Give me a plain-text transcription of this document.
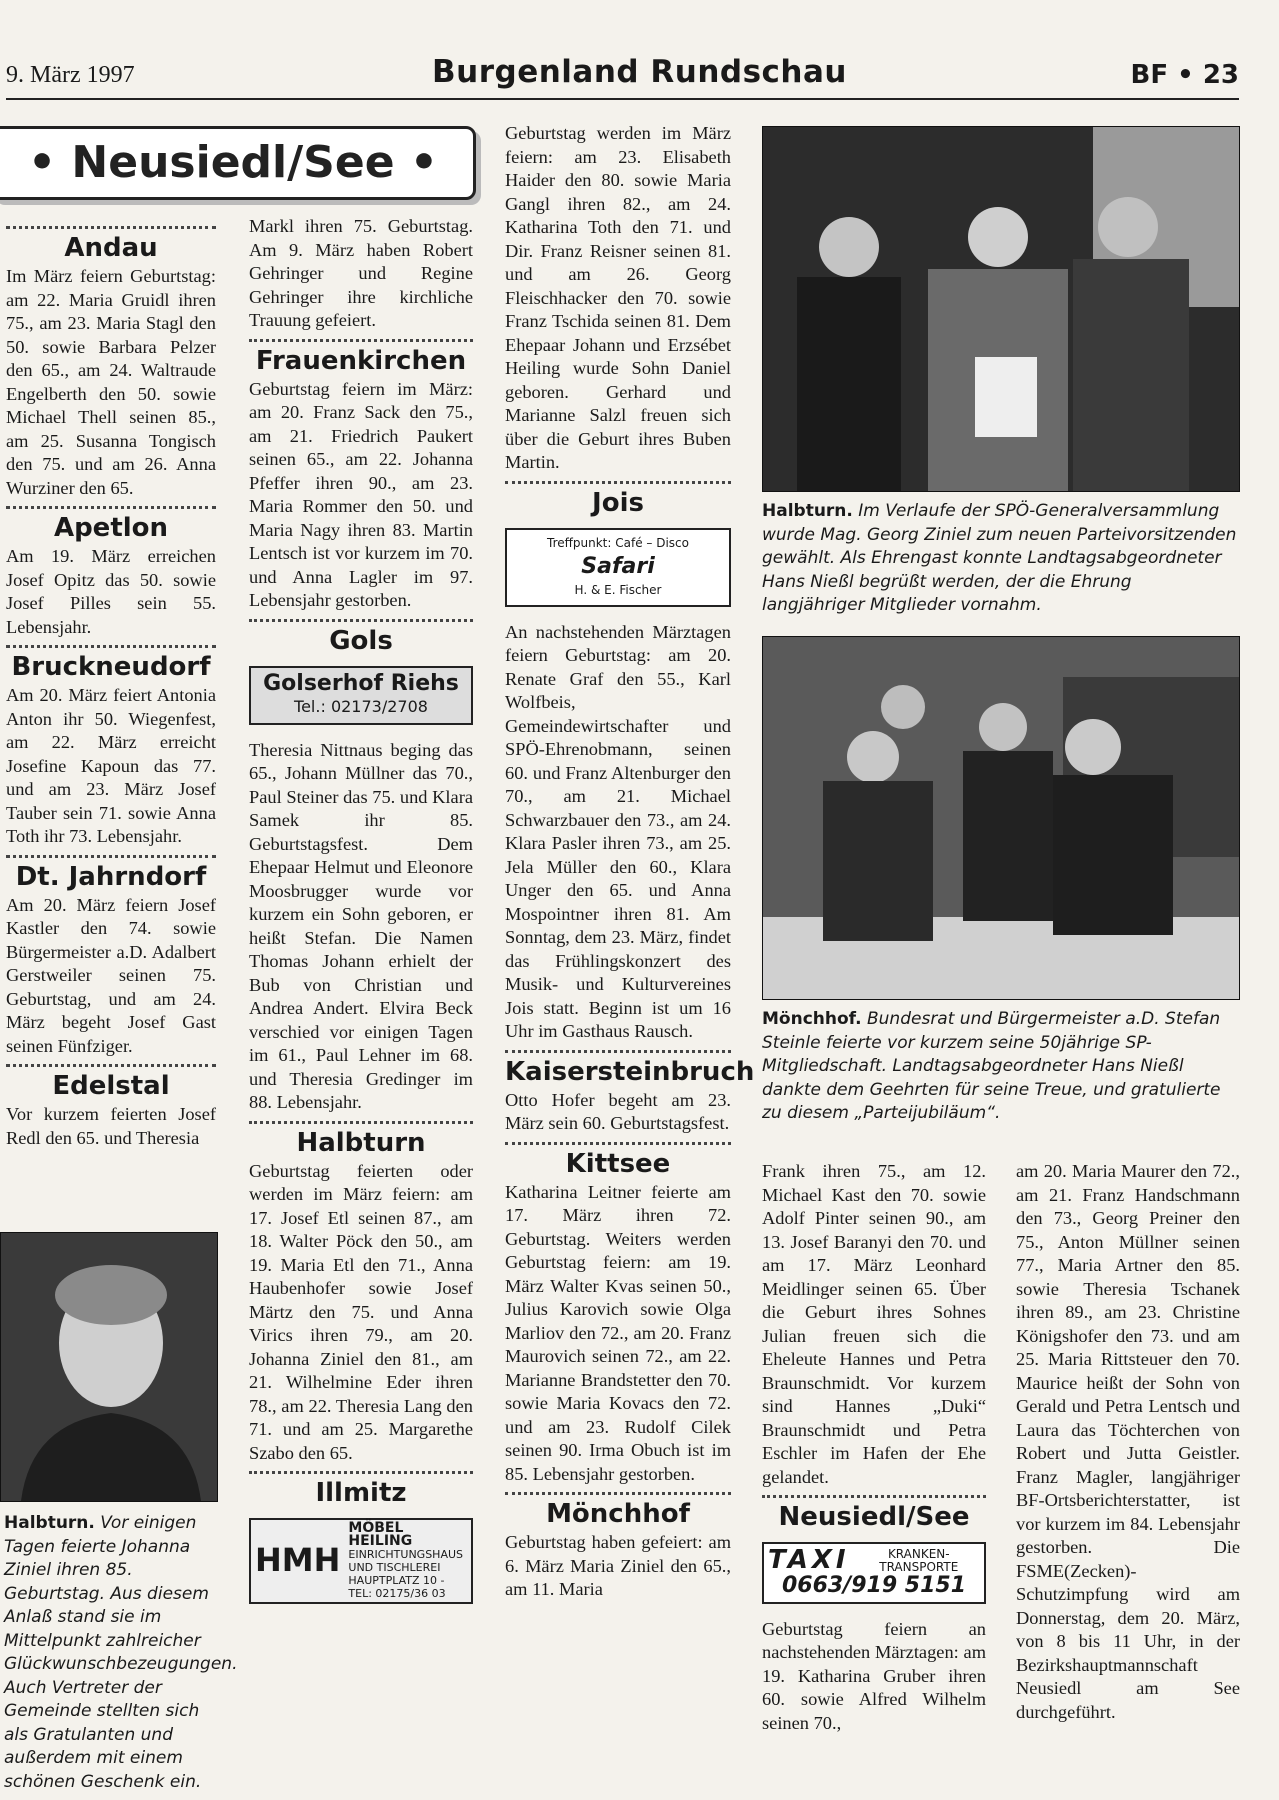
9. März 1997	Burgenland Rundschau	BF • 23
• Neusiedl/See •
Andau

Im März feiern Geburtstag: am 22. Maria Gruidl ihren 75., am 23. Maria Stagl den 50. sowie Barbara Pelzer den 65., am 24. Waltraude Engelberth den 50. sowie Michael Thell seinen 85., am 25. Susanna Tongisch den 75. und am 26. Anna Wurziner den 65.

Apetlon

Am 19. März erreichen Josef Opitz das 50. sowie Josef Pilles sein 55. Lebensjahr.

Bruckneudorf

Am 20. März feiert Antonia Anton ihr 50. Wiegenfest, am 22. März erreicht Josefine Kapoun das 77. und am 23. März Josef Tauber sein 71. sowie Anna Toth ihr 73. Lebensjahr.

Dt. Jahrndorf

Am 20. März feiern Josef Kastler den 74. sowie Bürgermeister a.D. Adalbert Gerstweiler seinen 75. Geburtstag, und am 24. März begeht Josef Gast seinen Fünfziger.

Edelstal

Vor kurzem feierten Josef Redl den 65. und Theresia

Halbturn. Vor einigen Tagen feierte Johanna Ziniel ihren 85. Geburtstag. Aus diesem Anlaß stand sie im Mittelpunkt zahlreicher Glückwunschbezeugungen. Auch Vertreter der Gemeinde stellten sich als Gratulanten und außerdem mit einem schönen Geschenk ein.

Markl ihren 75. Geburtstag. Am 9. März haben Robert Gehringer und Regine Gehringer ihre kirchliche Trauung gefeiert.

Frauenkirchen

Geburtstag feiern im März: am 20. Franz Sack den 75., am 21. Friedrich Paukert seinen 65., am 22. Johanna Pfeffer ihren 90., am 23. Maria Rommer den 50. und Maria Nagy ihren 83. Martin Lentsch ist vor kurzem im 70. und Anna Lagler im 97. Lebensjahr gestorben.

Gols
Golserhof Riehs
Tel.: 02173/2708

Theresia Nittnaus beging das 65., Johann Müllner das 70., Paul Steiner das 75. und Klara Samek ihr 85. Geburtstagsfest. Dem Ehepaar Helmut und Eleonore Moosbrugger wurde vor kurzem ein Sohn geboren, er heißt Stefan. Die Namen Thomas Johann erhielt der Bub von Christian und Andrea Andert. Elvira Beck verschied vor einigen Tagen im 61., Paul Lehner im 68. und Theresia Gredinger im 88. Lebensjahr.

Halbturn

Geburtstag feierten oder werden im März feiern: am 17. Josef Etl seinen 87., am 18. Walter Pöck den 50., am 19. Maria Etl den 71., Anna Haubenhofer sowie Josef Märtz den 75. und Anna Virics ihren 79., am 20. Johanna Ziniel den 81., am 21. Wilhelmine Eder ihren 78., am 22. Theresia Lang den 71. und am 25. Margarethe Szabo den 65.

Illmitz
HMH
MÖBEL HEILING
EINRICHTUNGSHAUS UND TISCHLEREI
HAUPTPLATZ 10 - TEL: 02175/36 03

Geburtstag werden im März feiern: am 23. Elisabeth Haider den 80. sowie Maria Gangl ihren 82., am 24. Katharina Toth den 71. und Dir. Franz Reisner seinen 81. und am 26. Georg Fleischhacker den 70. sowie Franz Tschida seinen 81. Dem Ehepaar Johann und Erzsébet Heiling wurde Sohn Daniel geboren. Gerhard und Marianne Salzl freuen sich über die Geburt ihres Buben Martin.

Jois
Treffpunkt: Café – Disco
Safari
H. & E. Fischer

An nachstehenden Märztagen feiern Geburtstag: am 20. Renate Graf den 55., Karl Wolfbeis, Gemeindewirtschafter und SPÖ-Ehrenobmann, seinen 60. und Franz Altenburger den 70., am 21. Michael Schwarzbauer den 73., am 24. Klara Pasler ihren 73., am 25. Jela Müller den 60., Klara Unger den 65. und Anna Mospointner ihren 81. Am Sonntag, dem 23. März, findet das Frühlingskonzert des Musik- und Kulturvereines Jois statt. Beginn ist um 16 Uhr im Gasthaus Rausch.

Kaisersteinbruch

Otto Hofer begeht am 23. März sein 60. Geburtstagsfest.

Kittsee

Katharina Leitner feierte am 17. März ihren 72. Geburtstag. Weiters werden Geburtstag feiern: am 19. März Walter Kvas seinen 50., Julius Karovich sowie Olga Marliov den 72., am 20. Franz Maurovich seinen 72., am 22. Marianne Brandstetter den 70. sowie Maria Kovacs den 72. und am 23. Rudolf Cilek seinen 90. Irma Obuch ist im 85. Lebensjahr gestorben.

Mönchhof

Geburtstag haben gefeiert: am 6. März Maria Ziniel den 65., am 11. Maria

Halbturn. Im Verlaufe der SPÖ-Generalversammlung wurde Mag. Georg Ziniel zum neuen Parteivorsitzenden gewählt. Als Ehrengast konnte Landtagsabgeordneter Hans Nießl begrüßt werden, der die Ehrung langjähriger Mitglieder vornahm.
Mönchhof. Bundesrat und Bürgermeister a.D. Stefan Steinle feierte vor kurzem seine 50jährige SP-Mitgliedschaft. Landtagsabgeordneter Hans Nießl dankte dem Geehrten für seine Treue, und gratulierte zu diesem „Parteijubiläum“.

Frank ihren 75., am 12. Michael Kast den 70. sowie Adolf Pinter seinen 90., am 13. Josef Baranyi den 70. und am 17. März Leonhard Meidlinger seinen 65. Über die Geburt ihres Sohnes Julian freuen sich die Eheleute Hannes und Petra Braunschmidt. Vor kurzem sind Hannes „Duki“ Braunschmidt und Petra Eschler im Hafen der Ehe gelandet.

Neusiedl/See
TAXI	KRANKEN-TRANSPORTE
0663/919 5151

Geburtstag feiern an nachstehenden Märztagen: am 19. Katharina Gruber ihren 60. sowie Alfred Wilhelm seinen 70.,

am 20. Maria Maurer den 72., am 21. Franz Handschmann den 73., Georg Preiner den 75., Anton Müllner seinen 77., Maria Artner den 85. sowie Theresia Tschanek ihren 89., am 23. Christine Königshofer den 73. und am 25. Maria Rittsteuer den 70. Maurice heißt der Sohn von Gerald und Petra Lentsch und Laura das Töchterchen von Robert und Jutta Geistler. Franz Magler, langjähriger BF-Ortsberichterstatter, ist vor kurzem im 84. Lebensjahr gestorben. Die FSME(Zecken)-Schutzimpfung wird am Donnerstag, dem 20. März, von 8 bis 11 Uhr, in der Bezirkshauptmannschaft Neusiedl am See durchgeführt.
